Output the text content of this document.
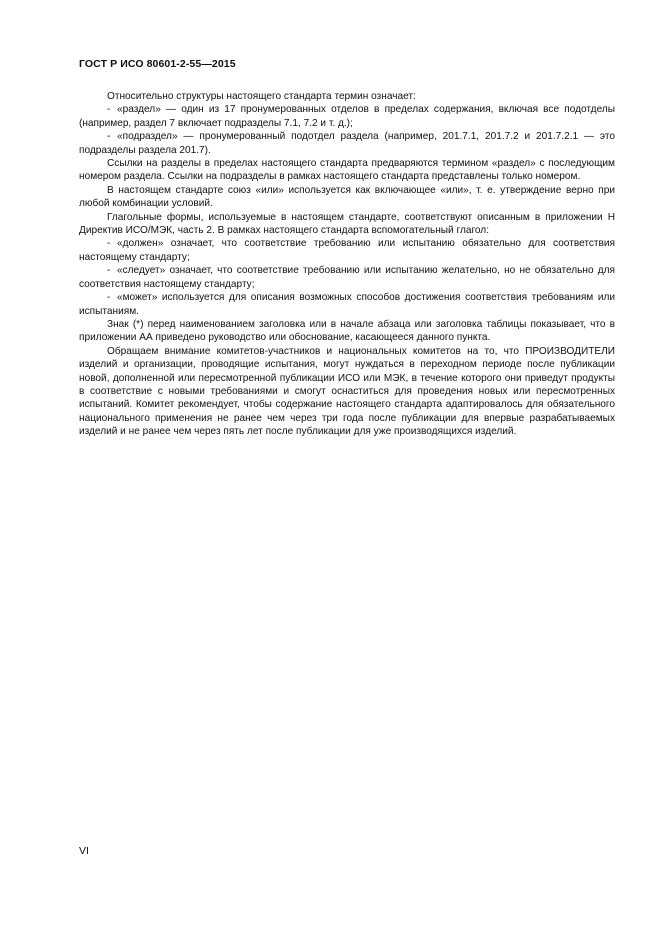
ГОСТ Р ИСО 80601-2-55—2015

Относительно структуры настоящего стандарта термин означает:

- «раздел» — один из 17 пронумерованных отделов в пределах содержания, включая все подотделы (например, раздел 7 включает подразделы 7.1, 7.2 и т. д.);

- «подраздел» — пронумерованный подотдел раздела (например, 201.7.1, 201.7.2 и 201.7.2.1 — это подразделы раздела 201.7).

Ссылки на разделы в пределах настоящего стандарта предваряются термином «раздел» с последующим номером раздела. Ссылки на подразделы в рамках настоящего стандарта представлены только номером.

В настоящем стандарте союз «или» используется как включающее «или», т. е. утверждение верно при любой комбинации условий.

Глагольные формы, используемые в настоящем стандарте, соответствуют описанным в приложении Н Директив ИСО/МЭК, часть 2. В рамках настоящего стандарта вспомогательный глагол:

- «должен» означает, что соответствие требованию или испытанию обязательно для соответствия настоящему стандарту;

- «следует» означает, что соответствие требованию или испытанию желательно, но не обязательно для соответствия настоящему стандарту;

- «может» используется для описания возможных способов достижения соответствия требованиям или испытаниям.

Знак (*) перед наименованием заголовка или в начале абзаца или заголовка таблицы показывает, что в приложении АА приведено руководство или обоснование, касающееся данного пункта.

Обращаем внимание комитетов-участников и национальных комитетов на то, что ПРОИЗВОДИТЕЛИ изделий и организации, проводящие испытания, могут нуждаться в переходном периоде после публикации новой, дополненной или пересмотренной публикации ИСО или МЭК, в течение которого они приведут продукты в соответствие с новыми требованиями и смогут оснаститься для проведения новых или пересмотренных испытаний. Комитет рекомендует, чтобы содержание настоящего стандарта адаптировалось для обязательного национального применения не ранее чем через три года после публикации для впервые разрабатываемых изделий и не ранее чем через пять лет после публикации для уже производящихся изделий.

VI
